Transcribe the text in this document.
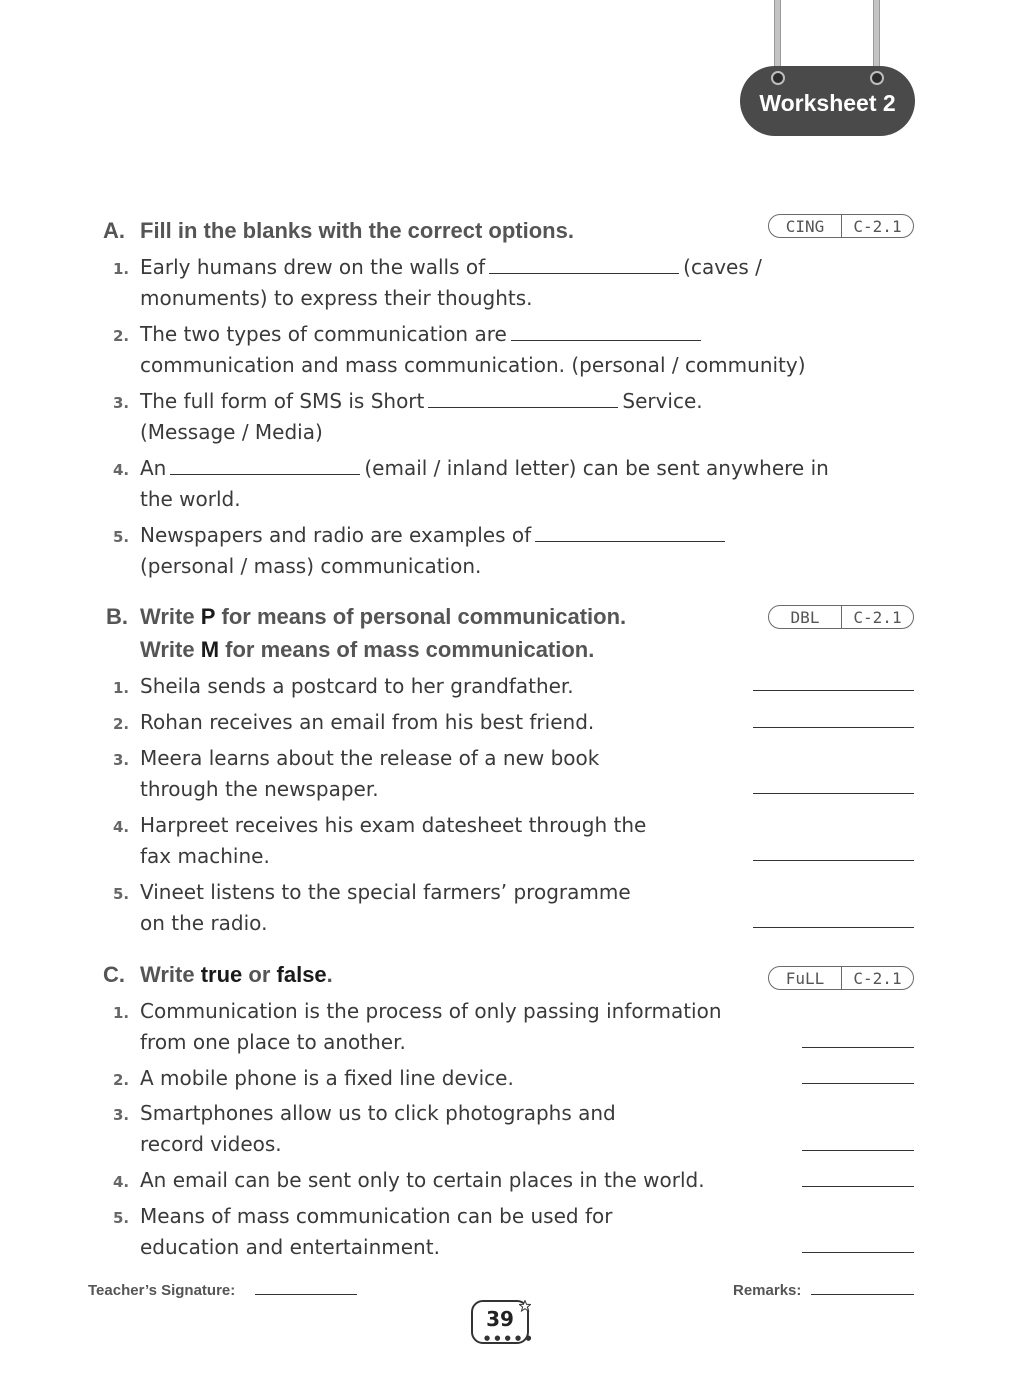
Worksheet 2
A. Fill in the blanks with the correct options.	CING	C-2.1
1. Early humans drew on the walls of	(caves /
monuments) to express their thoughts.
2. The two types of communication are
communication and mass communication. (personal / community)
3. The full form of SMS is Short	Service.
(Message / Media)
4. An	(email / inland letter) can be sent anywhere in
the world.
5. Newspapers and radio are examples of
(personal / mass) communication.
B. Write P for means of personal communication.
Write M for means of mass communication.
DBL	C-2.1
1. Sheila sends a postcard to her grandfather.
2. Rohan receives an email from his best friend.
3. Meera learns about the release of a new book
through the newspaper.
4. Harpreet receives his exam datesheet through the
fax machine.
5. Vineet listens to the special farmers’ programme
on the radio.
C. Write true or false.	FuLL	C-2.1
1. Communication is the process of only passing information
from one place to another.
2. A mobile phone is a fixed line device.
3. Smartphones allow us to click photographs and
record videos.
4. An email can be sent only to certain places in the world.
5. Means of mass communication can be used for
education and entertainment.
Teacher’s Signature:	Remarks:
39
● ● ● ● ●
